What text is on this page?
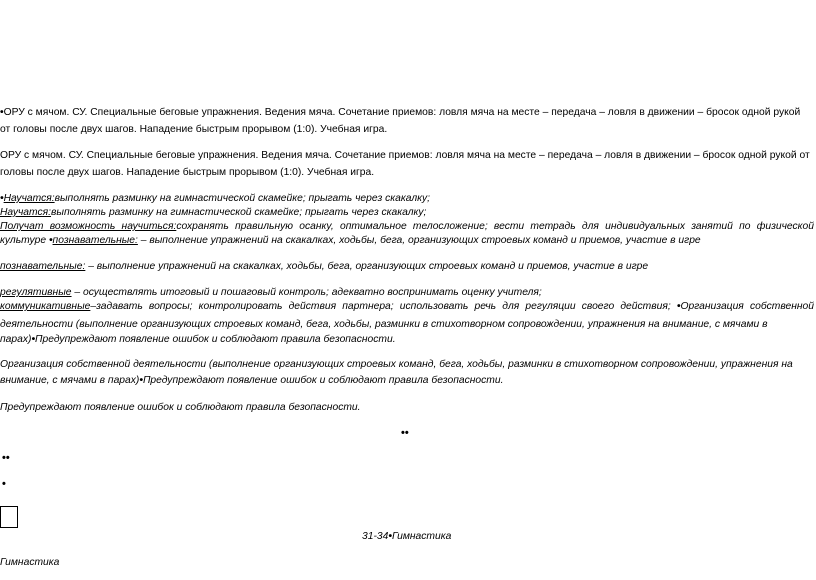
•ОРУ с мячом. СУ. Специальные беговые упражнения. Ведения мяча. Сочетание приемов: ловля мяча на месте – передача – ловля в движении – бросок одной рукой
от головы после двух шагов. Нападение быстрым прорывом (1:0). Учебная игра.
ОРУ с мячом. СУ. Специальные беговые упражнения. Ведения мяча. Сочетание приемов: ловля мяча на месте – передача – ловля в движении – бросок одной рукой от
головы после двух шагов. Нападение быстрым прорывом (1:0). Учебная игра.
•Научатся:выполнять разминку на гимнастической скамейке; прыгать через скакалку;
Научатся:выполнять разминку на гимнастической скамейке; прыгать через скакалку;
Получат возможность научиться:сохранять правильную осанку, оптимальное телосложение; вести тетрадь для индивидуальных занятий по физической
культуре •познавательные: – выполнение упражнений на скакалках, ходьбы, бега, организующих строевых команд и приемов, участие в игре
познавательные: – выполнение упражнений на скакалках, ходьбы, бега, организующих строевых команд и приемов, участие в игре
регулятивные – осуществлять итоговый и пошаговый контроль; адекватно воспринимать оценку учителя;
коммуникативные–задавать вопросы; контролировать действия партнера; использовать речь для регуляции своего действия; •Организация собственной
деятельности (выполнение организующих строевых команд, бега, ходьбы, разминки в стихотворном сопровождении, упражнения на внимание, с мячами в
парах)•Предупреждают появление ошибок и соблюдают правила безопасности.
Организация собственной деятельности (выполнение организующих строевых команд, бега, ходьбы, разминки в стихотворном сопровождении, упражнения на
внимание, с мячами в парах)•Предупреждают появление ошибок и соблюдают правила безопасности.
Предупреждают появление ошибок и соблюдают правила безопасности.
••
••
•
31-34•Гимнастика
Гимнастика
